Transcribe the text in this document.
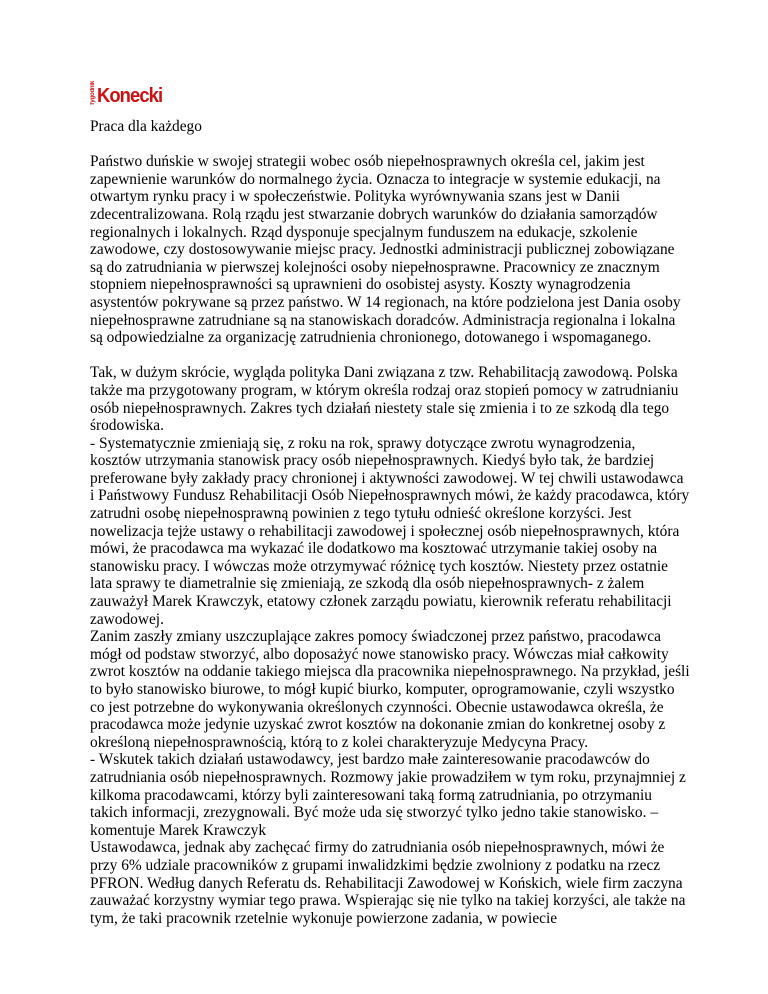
Tygodnik Konecki
Praca dla każdego

Państwo duńskie w swojej strategii wobec osób niepełnosprawnych określa cel, jakim jest zapewnienie warunków do normalnego życia. Oznacza to integracje w systemie edukacji, na otwartym rynku pracy i w społeczeństwie. Polityka wyrównywania szans jest w Danii zdecentralizowana. Rolą rządu jest stwarzanie dobrych warunków do działania samorządów regionalnych i lokalnych. Rząd dysponuje specjalnym funduszem na edukacje, szkolenie zawodowe, czy dostosowywanie miejsc pracy. Jednostki administracji publicznej zobowiązane są do zatrudniania w pierwszej kolejności osoby niepełnosprawne. Pracownicy ze znacznym stopniem niepełnosprawności są uprawnieni do osobistej asysty. Koszty wynagrodzenia asystentów pokrywane są przez państwo. W 14 regionach, na które podzielona jest Dania osoby niepełnosprawne zatrudniane są na stanowiskach doradców. Administracja regionalna i lokalna są odpowiedzialne za organizację zatrudnienia chronionego, dotowanego i wspomaganego.

Tak, w dużym skrócie, wygląda polityka Dani związana z tzw. Rehabilitacją zawodową. Polska także ma przygotowany program, w którym określa rodzaj oraz stopień pomocy w zatrudnianiu osób niepełnosprawnych. Zakres tych działań niestety stale się zmienia i to ze szkodą dla tego środowiska.
- Systematycznie zmieniają się, z roku na rok, sprawy dotyczące zwrotu wynagrodzenia, kosztów utrzymania stanowisk pracy osób niepełnosprawnych. Kiedyś było tak, że bardziej preferowane były zakłady pracy chronionej i aktywności zawodowej. W tej chwili ustawodawca i Państwowy Fundusz Rehabilitacji Osób Niepełnosprawnych mówi, że każdy pracodawca, który zatrudni osobę niepełnosprawną powinien z tego tytułu odnieść określone korzyści. Jest nowelizacja tejże ustawy o rehabilitacji zawodowej i społecznej osób niepełnosprawnych, która mówi, że pracodawca ma wykazać ile dodatkowo ma kosztować utrzymanie takiej osoby na stanowisku pracy. I wówczas może otrzymywać różnicę tych kosztów. Niestety przez ostatnie lata sprawy te diametralnie się zmieniają, ze szkodą dla osób niepełnosprawnych- z żalem zauważył Marek Krawczyk, etatowy członek zarządu powiatu, kierownik referatu rehabilitacji zawodowej.
Zanim zaszły zmiany uszczuplające zakres pomocy świadczonej przez państwo, pracodawca mógł od podstaw stworzyć, albo doposażyć nowe stanowisko pracy. Wówczas miał całkowity zwrot kosztów na oddanie takiego miejsca dla pracownika niepełnosprawnego. Na przykład, jeśli to było stanowisko biurowe, to mógł kupić biurko, komputer, oprogramowanie, czyli wszystko co jest potrzebne do wykonywania określonych czynności. Obecnie ustawodawca określa, że pracodawca może jedynie uzyskać zwrot kosztów na dokonanie zmian do konkretnej osoby z określoną niepełnosprawnością, którą to z kolei charakteryzuje Medycyna Pracy.
- Wskutek takich działań ustawodawcy, jest bardzo małe zainteresowanie pracodawców do zatrudniania osób niepełnosprawnych. Rozmowy jakie prowadziłem w tym roku, przynajmniej z kilkoma pracodawcami, którzy byli zainteresowani taką formą zatrudniania, po otrzymaniu takich informacji, zrezygnowali. Być może uda się stworzyć tylko jedno takie stanowisko. – komentuje Marek Krawczyk
Ustawodawca, jednak aby zachęcać firmy do zatrudniania osób niepełnosprawnych, mówi że przy 6% udziale pracowników z grupami inwalidzkimi będzie zwolniony z podatku na rzecz PFRON. Według danych Referatu ds. Rehabilitacji Zawodowej w Końskich, wiele firm zaczyna zauważać korzystny wymiar tego prawa. Wspierając się nie tylko na takiej korzyści, ale także na tym, że taki pracownik rzetelnie wykonuje powierzone zadania, w powiecie
